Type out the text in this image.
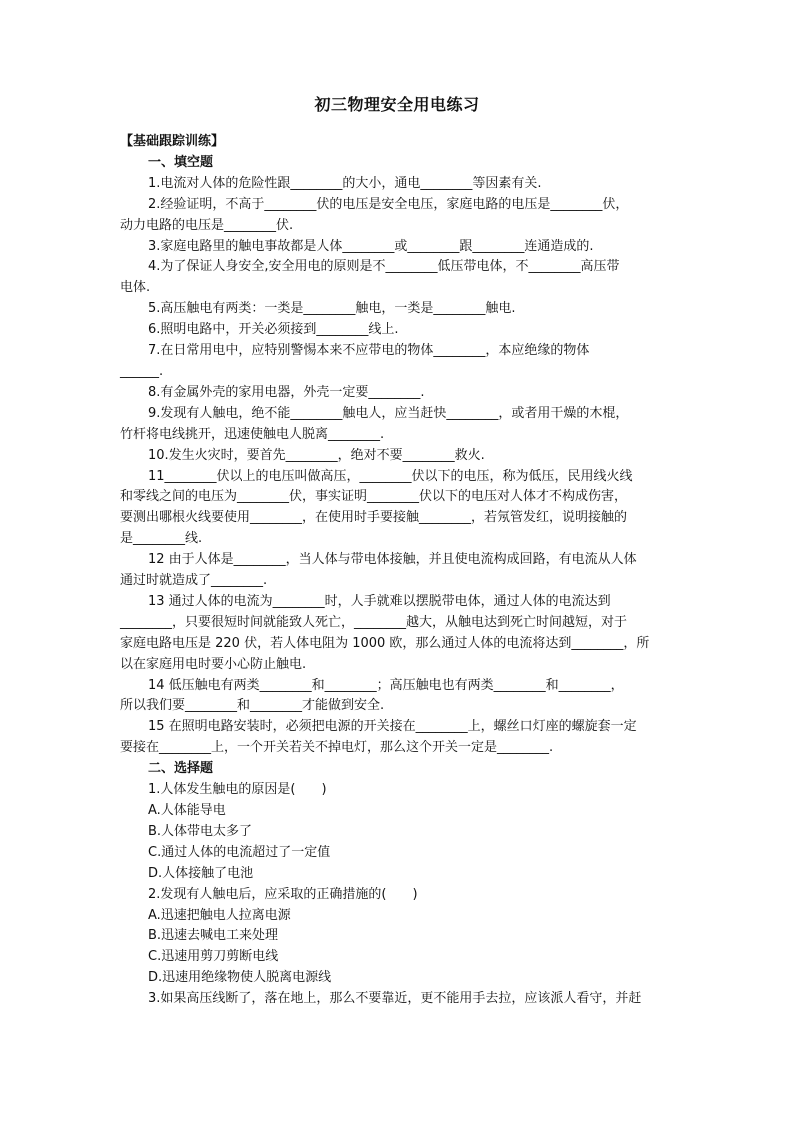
初三物理安全用电练习
【基础跟踪训练】
一、填空题
1.电流对人体的危险性跟________的大小，通电________等因素有关.
2.经验证明，不高于________伏的电压是安全电压，家庭电路的电压是________伏，
动力电路的电压是________伏.
3.家庭电路里的触电事故都是人体________或________跟________连通造成的.
4.为了保证人身安全,安全用电的原则是不________低压带电体，不________高压带
电体.
5.高压触电有两类：一类是________触电，一类是________触电.
6.照明电路中，开关必须接到________线上.
7.在日常用电中，应特别警惕本来不应带电的物体________，本应绝缘的物体
______.
8.有金属外壳的家用电器，外壳一定要________.
9.发现有人触电，绝不能________触电人，应当赶快________，或者用干燥的木棍，
竹杆将电线挑开，迅速使触电人脱离________.
10.发生火灾时，要首先________，绝对不要________救火.
11________伏以上的电压叫做高压，________伏以下的电压，称为低压，民用线火线
和零线之间的电压为________伏，事实证明________伏以下的电压对人体才不构成伤害，
要测出哪根火线要使用________，在使用时手要接触________，若氖管发红，说明接触的
是________线.
12 由于人体是________，当人体与带电体接触，并且使电流构成回路，有电流从人体
通过时就造成了________.
13 通过人体的电流为________时，人手就难以摆脱带电体，通过人体的电流达到
________，只要很短时间就能致人死亡，________越大，从触电达到死亡时间越短，对于
家庭电路电压是 220 伏，若人体电阻为 1000 欧，那么通过人体的电流将达到________，所
以在家庭用电时要小心防止触电.
14 低压触电有两类________和________；高压触电也有两类________和________，
所以我们要________和________才能做到安全.
15 在照明电路安装时，必须把电源的开关接在________上，螺丝口灯座的螺旋套一定
要接在________上，一个开关若关不掉电灯，那么这个开关一定是________.
二、选择题
1.人体发生触电的原因是(　　)
A.人体能导电
B.人体带电太多了
C.通过人体的电流超过了一定值
D.人体接触了电池
2.发现有人触电后，应采取的正确措施的(　　)
A.迅速把触电人拉离电源
B.迅速去喊电工来处理
C.迅速用剪刀剪断电线
D.迅速用绝缘物使人脱离电源线
3.如果高压线断了，落在地上，那么不要靠近，更不能用手去拉，应该派人看守，并赶
